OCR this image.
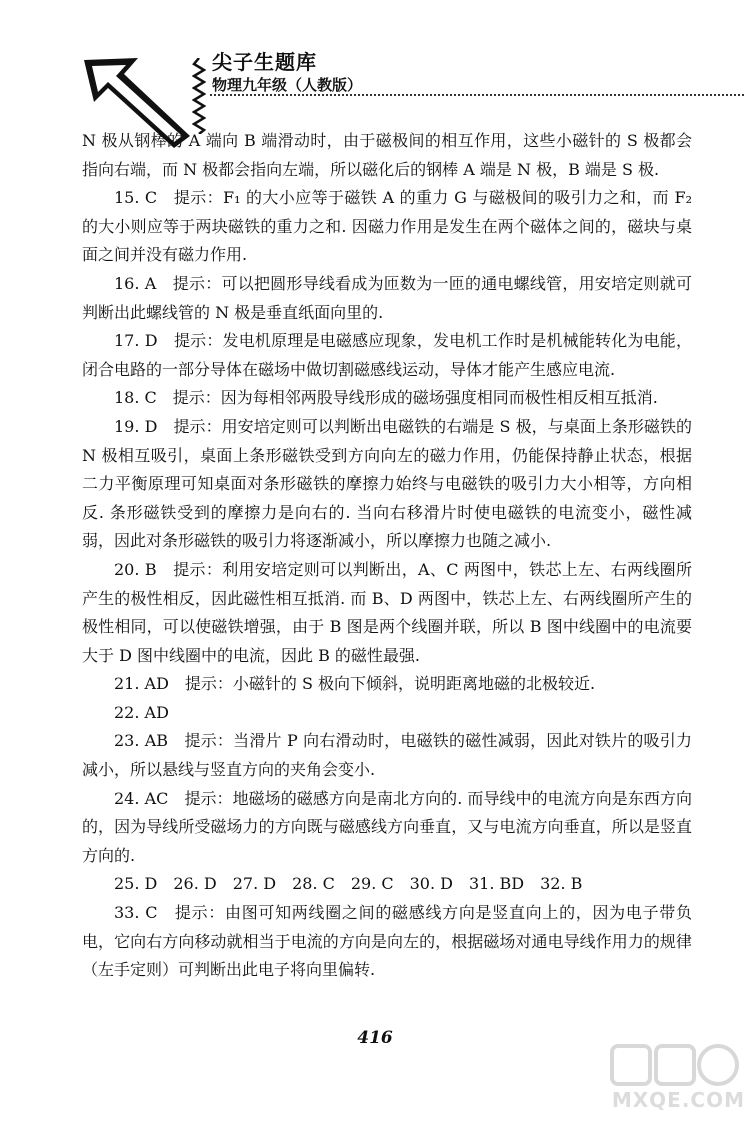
尖子生题库
物理九年级（人教版）

N 极从钢棒的 A 端向 B 端滑动时，由于磁极间的相互作用，这些小磁针的 S 极都会指向右端，而 N 极都会指向左端，所以磁化后的钢棒 A 端是 N 极，B 端是 S 极.

15. C　提示：F₁ 的大小应等于磁铁 A 的重力 G 与磁极间的吸引力之和，而 F₂ 的大小则应等于两块磁铁的重力之和. 因磁力作用是发生在两个磁体之间的，磁块与桌面之间并没有磁力作用.

16. A　提示：可以把圆形导线看成为匝数为一匝的通电螺线管，用安培定则就可判断出此螺线管的 N 极是垂直纸面向里的.

17. D　提示：发电机原理是电磁感应现象，发电机工作时是机械能转化为电能，闭合电路的一部分导体在磁场中做切割磁感线运动，导体才能产生感应电流.

18. C　提示：因为每相邻两股导线形成的磁场强度相同而极性相反相互抵消.

19. D　提示：用安培定则可以判断出电磁铁的右端是 S 极，与桌面上条形磁铁的 N 极相互吸引，桌面上条形磁铁受到方向向左的磁力作用，仍能保持静止状态，根据二力平衡原理可知桌面对条形磁铁的摩擦力始终与电磁铁的吸引力大小相等，方向相反. 条形磁铁受到的摩擦力是向右的. 当向右移滑片时使电磁铁的电流变小，磁性减弱，因此对条形磁铁的吸引力将逐渐减小，所以摩擦力也随之减小.

20. B　提示：利用安培定则可以判断出，A、C 两图中，铁芯上左、右两线圈所产生的极性相反，因此磁性相互抵消. 而 B、D 两图中，铁芯上左、右两线圈所产生的极性相同，可以使磁铁增强，由于 B 图是两个线圈并联，所以 B 图中线圈中的电流要大于 D 图中线圈中的电流，因此 B 的磁性最强.

21. AD　提示：小磁针的 S 极向下倾斜，说明距离地磁的北极较近.

22. AD

23. AB　提示：当滑片 P 向右滑动时，电磁铁的磁性减弱，因此对铁片的吸引力减小，所以悬线与竖直方向的夹角会变小.

24. AC　提示：地磁场的磁感方向是南北方向的. 而导线中的电流方向是东西方向的，因为导线所受磁场力的方向既与磁感线方向垂直，又与电流方向垂直，所以是竖直方向的.

25. D　26. D　27. D　28. C　29. C　30. D　31. BD　32. B

33. C　提示：由图可知两线圈之间的磁感线方向是竖直向上的，因为电子带负电，它向右方向移动就相当于电流的方向是向左的，根据磁场对通电导线作用力的规律（左手定则）可判断出此电子将向里偏转.

416
MXQE.COM
